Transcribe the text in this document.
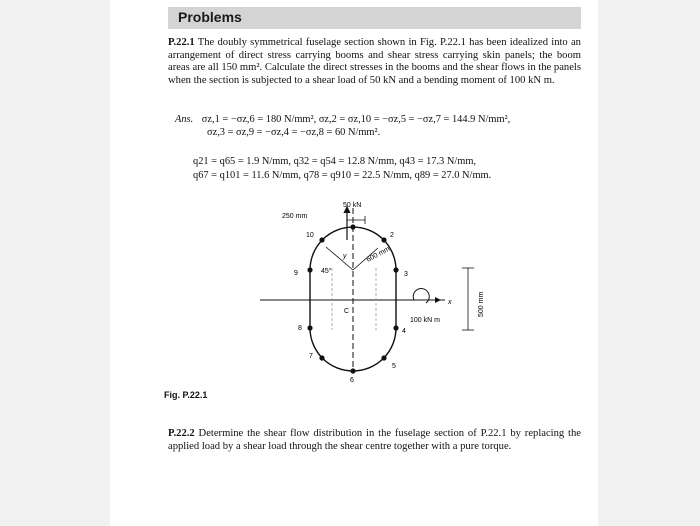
Problems
P.22.1 The doubly symmetrical fuselage section shown in Fig. P.22.1 has been idealized into an arrangement of direct stress carrying booms and shear stress carrying skin panels; the boom areas are all 150 mm². Calculate the direct stresses in the booms and the shear flows in the panels when the section is subjected to a shear load of 50 kN and a bending moment of 100 kN m.
Ans. σz,1 = −σz,6 = 180 N/mm², σz,2 = σz,10 = −σz,5 = −σz,7 = 144.9 N/mm²,
σz,3 = σz,9 = −σz,4 = −σz,8 = 60 N/mm².
q21 = q65 = 1.9 N/mm, q32 = q54 = 12.8 N/mm, q43 = 17.3 N/mm,
q67 = q101 = 11.6 N/mm, q78 = q910 = 22.5 N/mm, q89 = 27.0 N/mm.
50 kN
250 mm
600 mm
45°
y
C
x
100 kN m
500 mm
2
3
4
5
6
7
8
9
10
Fig. P.22.1
P.22.2 Determine the shear flow distribution in the fuselage section of P.22.1 by replacing the applied load by a shear load through the shear centre together with a pure torque.
